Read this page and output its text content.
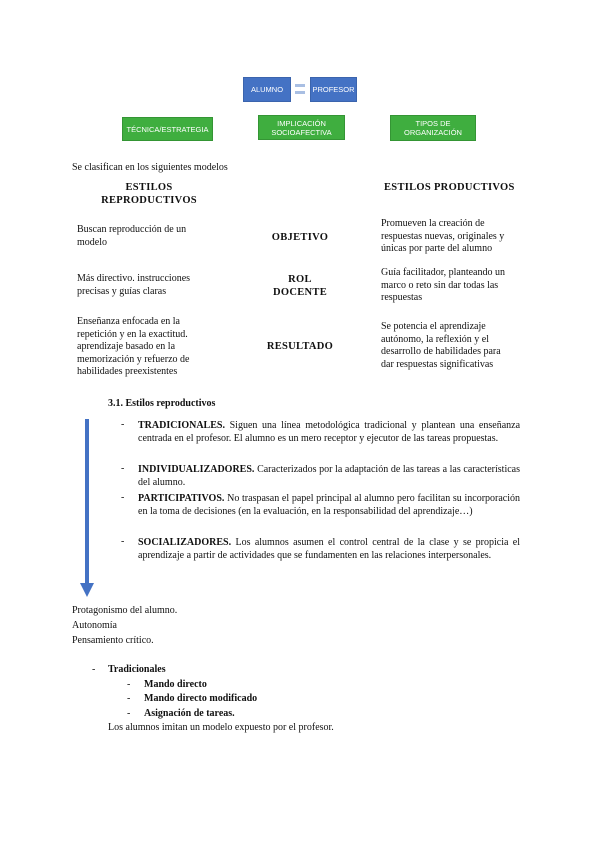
ALUMNO	PROFESOR
TÉCNICA/ESTRATEGIA
IMPLICACIÓN
SOCIOAFECTIVA
TIPOS DE
ORGANIZACIÓN
Se clasifican en los siguientes modelos
ESTILOS
REPRODUCTIVOS
ESTILOS PRODUCTIVOS
Buscan reproducción de un
modelo	OBJETIVO
Promueven la creación de
respuestas nuevas, originales y
únicas por parte del alumno
Más directivo. instrucciones
precisas y guías claras
ROL
DOCENTE
Guía facilitador, planteando un
marco o reto sin dar todas las
respuestas
Enseñanza enfocada en la
repetición y en la exactitud.
aprendizaje basado en la
memorización y refuerzo de
habilidades preexistentes
RESULTADO
Se potencia el aprendizaje
autónomo, la reflexión y el
desarrollo de habilidades para
dar respuestas significativas
3.1. Estilos reproductivos
- TRADICIONALES. Siguen una línea metodológica tradicional y plantean una enseñanza centrada en el profesor. El alumno es un mero receptor y ejecutor de las tareas propuestas.
- INDIVIDUALIZADORES. Caracterizados por la adaptación de las tareas a las características del alumno.
- PARTICIPATIVOS. No traspasan el papel principal al alumno pero facilitan su incorporación en la toma de decisiones (en la evaluación, en la responsabilidad del aprendizaje…)
- SOCIALIZADORES. Los alumnos asumen el control central de la clase y se propicia el aprendizaje a partir de actividades que se fundamenten en las relaciones interpersonales.
Protagonismo del alumno.
Autonomía
Pensamiento crítico.
- Tradicionales
- Mando directo
- Mando directo modificado
- Asignación de tareas.
Los alumnos imitan un modelo expuesto por el profesor.
